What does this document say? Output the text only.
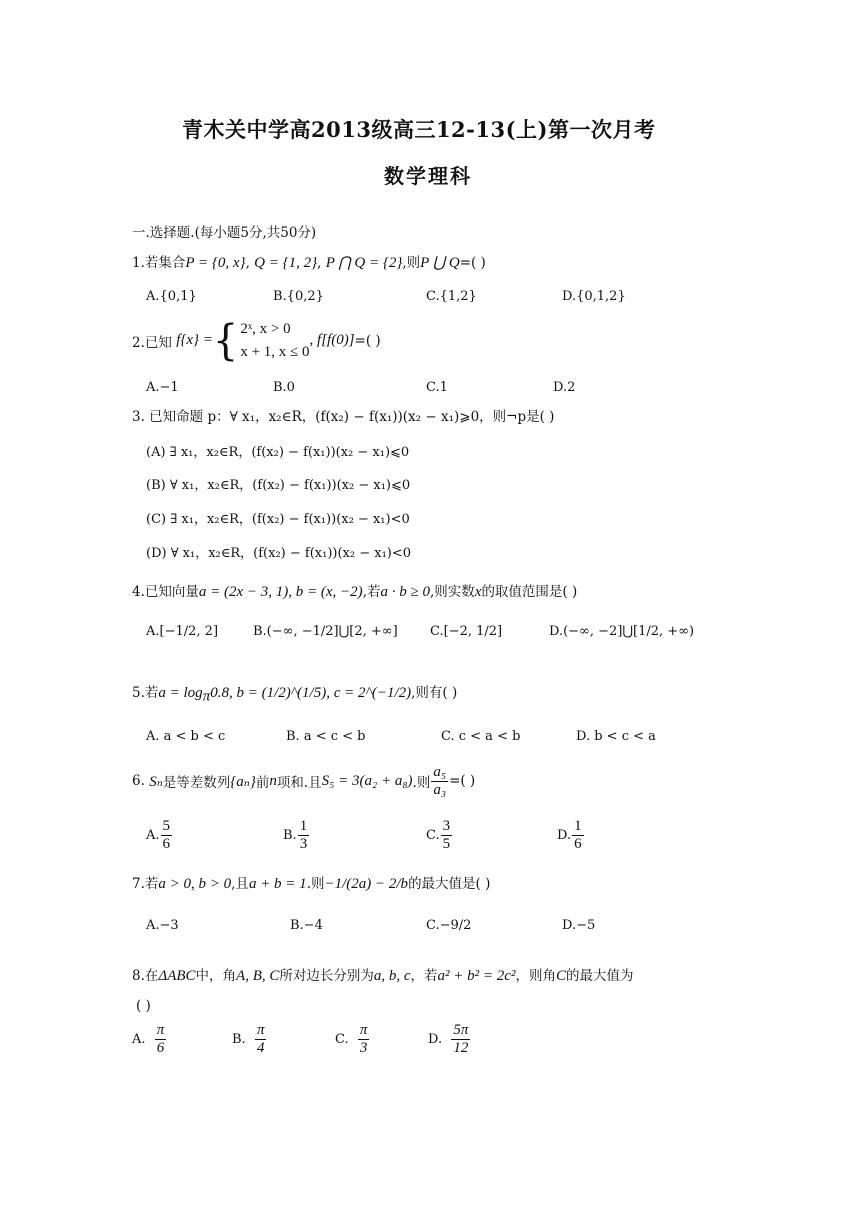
青木关中学高2013级高三12-13(上)第一次月考
数学理科
一.选择题.(每小题5分,共50分)
1.若集合P = {0, x}, Q = {1, 2}, P ⋂ Q = {2},则P ⋃ Q=( )
A.{0,1}	B.{0,2}	C.{1,2}	D.{0,1,2}
2.已知
f{x} = { 2ˣ, x > 0
x + 1, x ≤ 0
, f[f(0)] =( )
A.−1	B.0	C.1	D.2
3. 已知命题 p：∀ x₁，x₂∈R，(f(x₂) − f(x₁))(x₂ − x₁)⩾0，则¬p是( )
(A) ∃ x₁，x₂∈R，(f(x₂) − f(x₁))(x₂ − x₁)⩽0
(B) ∀ x₁，x₂∈R，(f(x₂) − f(x₁))(x₂ − x₁)⩽0
(C) ∃ x₁，x₂∈R，(f(x₂) − f(x₁))(x₂ − x₁)<0
(D) ∀ x₁，x₂∈R，(f(x₂) − f(x₁))(x₂ − x₁)<0
4.已知向量a = (2x − 3, 1), b = (x, −2),若a · b ≥ 0,则实数x的取值范围是( )
A.[−1/2, 2]	B.(−∞, −1/2]⋃[2, +∞] C.[−2, 1/2]	D.(−∞, −2]⋃[1/2, +∞)
5.若$a = \log_\pi 0.8$, b = (1/2)^(1/5), c = 2^(−1/2),则有( )
A. a < b < c	B. a < c < b	C. c < a < b	D. b < c < a
6.
Sₙ 是等差数列 {aₙ} 前 n 项和.且 S₅ = 3(a₂ + a₈) .则 $\frac{\text{a₅}}{\text{a₃}}$ =( )
A. $\frac{5}{6}$	B. $\frac{1}{3}$	C. $\frac{3}{5}$	D. $\frac{1}{6}$
7.若a > 0, b > 0,且a + b = 1.则−1/(2a) − 2/b的最大值是( )
A.−3	B.−4	C.−9/2	D.−5
8.在ΔABC中，角A, B, C所对边长分别为a, b, c，若a² + b² = 2c²，则角C的最大值为
( )
A.
$\frac{\pi}{6}$	B.
$\frac{\pi}{4}$	C.
$\frac{\pi}{3}$	D.
$\frac{5\pi}{12}$
